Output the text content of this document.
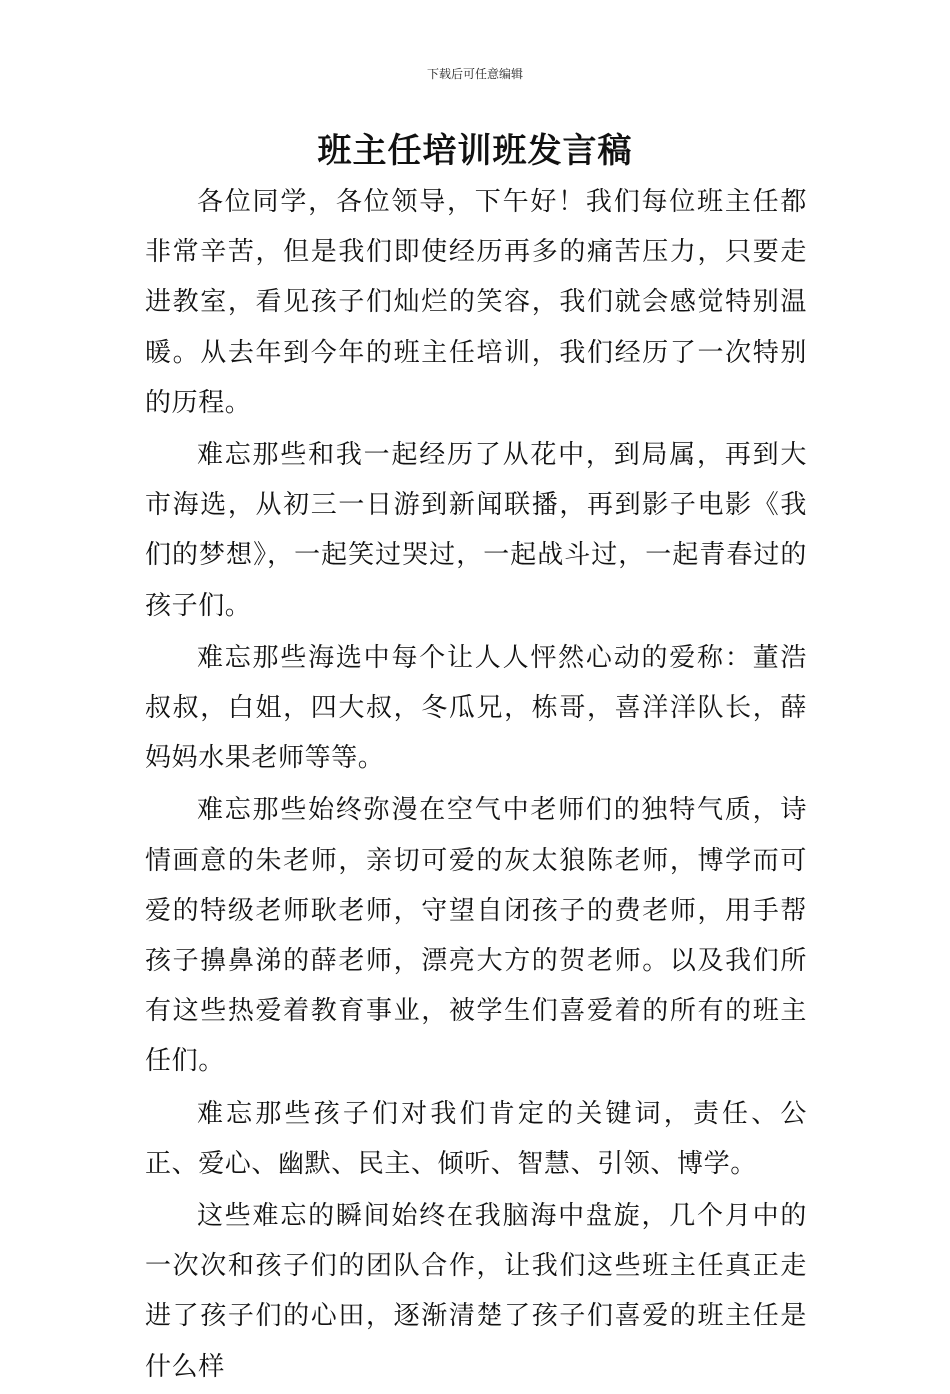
下载后可任意编辑
班主任培训班发言稿

各位同学，各位领导，下午好！我们每位班主任都非常辛苦，但是我们即使经历再多的痛苦压力，只要走进教室，看见孩子们灿烂的笑容，我们就会感觉特别温暖。从去年到今年的班主任培训，我们经历了一次特别的历程。

难忘那些和我一起经历了从花中，到局属，再到大市海选，从初三一日游到新闻联播，再到影子电影《我们的梦想》，一起笑过哭过，一起战斗过，一起青春过的孩子们。

难忘那些海选中每个让人人怦然心动的爱称：董浩叔叔，白姐，四大叔，冬瓜兄，栋哥，喜洋洋队长，薛妈妈水果老师等等。

难忘那些始终弥漫在空气中老师们的独特气质，诗情画意的朱老师，亲切可爱的灰太狼陈老师，博学而可爱的特级老师耿老师，守望自闭孩子的费老师，用手帮孩子擤鼻涕的薛老师，漂亮大方的贺老师。以及我们所有这些热爱着教育事业，被学生们喜爱着的所有的班主任们。

难忘那些孩子们对我们肯定的关键词，责任、公正、爱心、幽默、民主、倾听、智慧、引领、博学。

这些难忘的瞬间始终在我脑海中盘旋，几个月中的一次次和孩子们的团队合作，让我们这些班主任真正走进了孩子们的心田，逐渐清楚了孩子们喜爱的班主任是什么样
